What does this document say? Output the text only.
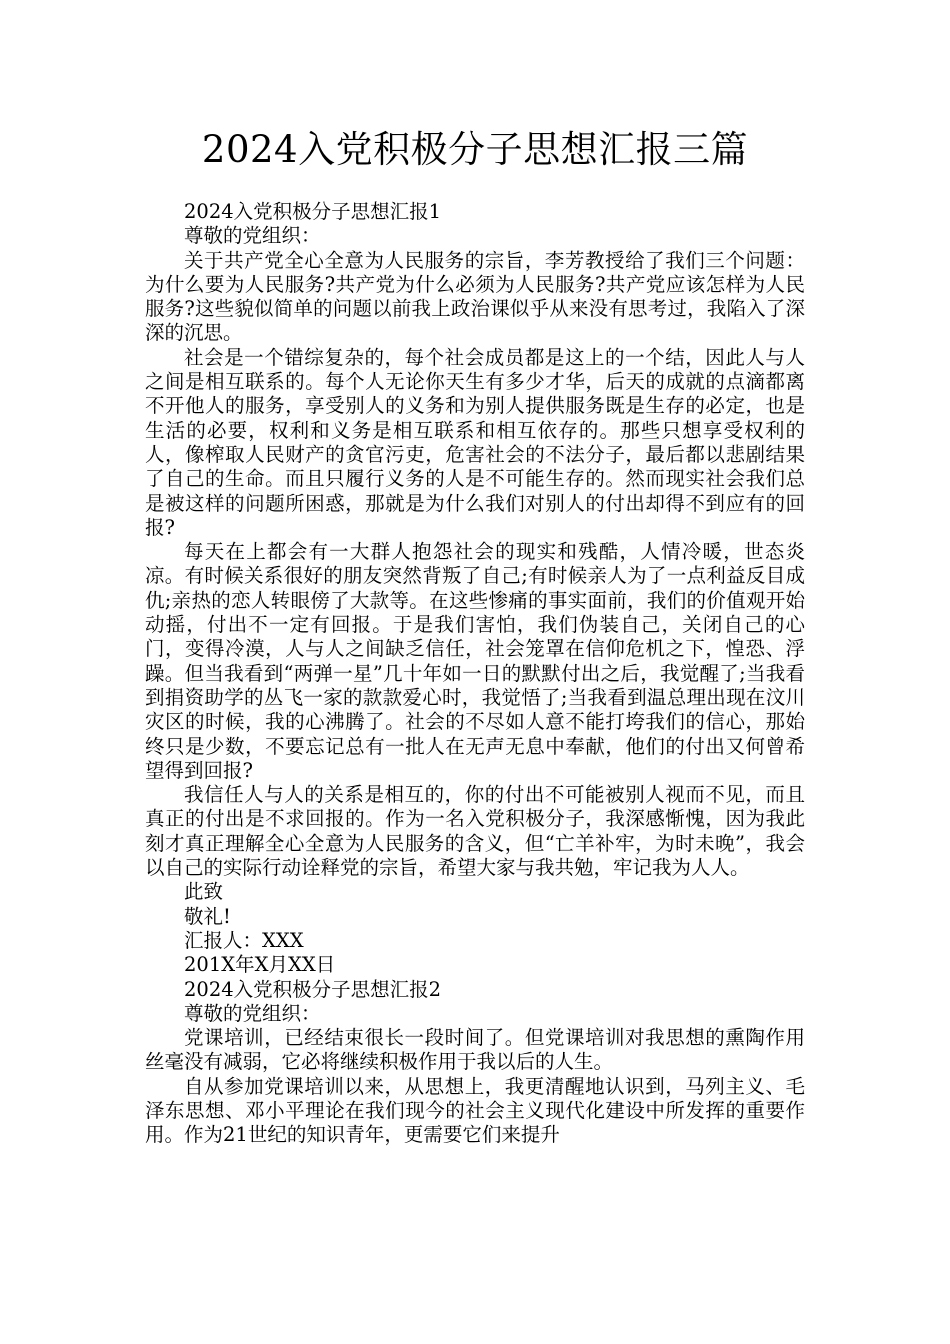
2024入党积极分子思想汇报三篇

2024入党积极分子思想汇报1

尊敬的党组织：

关于共产党全心全意为人民服务的宗旨，李芳教授给了我们三个问题：为什么要为人民服务?共产党为什么必须为人民服务?共产党应该怎样为人民服务?这些貌似简单的问题以前我上政治课似乎从来没有思考过，我陷入了深深的沉思。

社会是一个错综复杂的，每个社会成员都是这上的一个结，因此人与人之间是相互联系的。每个人无论你天生有多少才华，后天的成就的点滴都离不开他人的服务，享受别人的义务和为别人提供服务既是生存的必定，也是生活的必要，权利和义务是相互联系和相互依存的。那些只想享受权利的人，像榨取人民财产的贪官污吏，危害社会的不法分子，最后都以悲剧结果了自己的生命。而且只履行义务的人是不可能生存的。然而现实社会我们总是被这样的问题所困惑，那就是为什么我们对别人的付出却得不到应有的回报?

每天在上都会有一大群人抱怨社会的现实和残酷，人情冷暖，世态炎凉。有时候关系很好的朋友突然背叛了自己;有时候亲人为了一点利益反目成仇;亲热的恋人转眼傍了大款等。在这些惨痛的事实面前，我们的价值观开始动摇，付出不一定有回报。于是我们害怕，我们伪装自己，关闭自己的心门，变得冷漠，人与人之间缺乏信任，社会笼罩在信仰危机之下，惶恐、浮躁。但当我看到“两弹一星”几十年如一日的默默付出之后，我觉醒了;当我看到捐资助学的丛飞一家的款款爱心时，我觉悟了;当我看到温总理出现在汶川灾区的时候，我的心沸腾了。社会的不尽如人意不能打垮我们的信心，那始终只是少数，不要忘记总有一批人在无声无息中奉献，他们的付出又何曾希望得到回报?

我信任人与人的关系是相互的，你的付出不可能被别人视而不见，而且真正的付出是不求回报的。作为一名入党积极分子，我深感惭愧，因为我此刻才真正理解全心全意为人民服务的含义，但“亡羊补牢，为时未晚”，我会以自己的实际行动诠释党的宗旨，希望大家与我共勉，牢记我为人人。

此致

敬礼!

汇报人：XXX

201X年X月XX日

2024入党积极分子思想汇报2

尊敬的党组织：

党课培训，已经结束很长一段时间了。但党课培训对我思想的熏陶作用丝毫没有减弱，它必将继续积极作用于我以后的人生。

自从参加党课培训以来，从思想上，我更清醒地认识到，马列主义、毛泽东思想、邓小平理论在我们现今的社会主义现代化建设中所发挥的重要作用。作为21世纪的知识青年，更需要它们来提升
